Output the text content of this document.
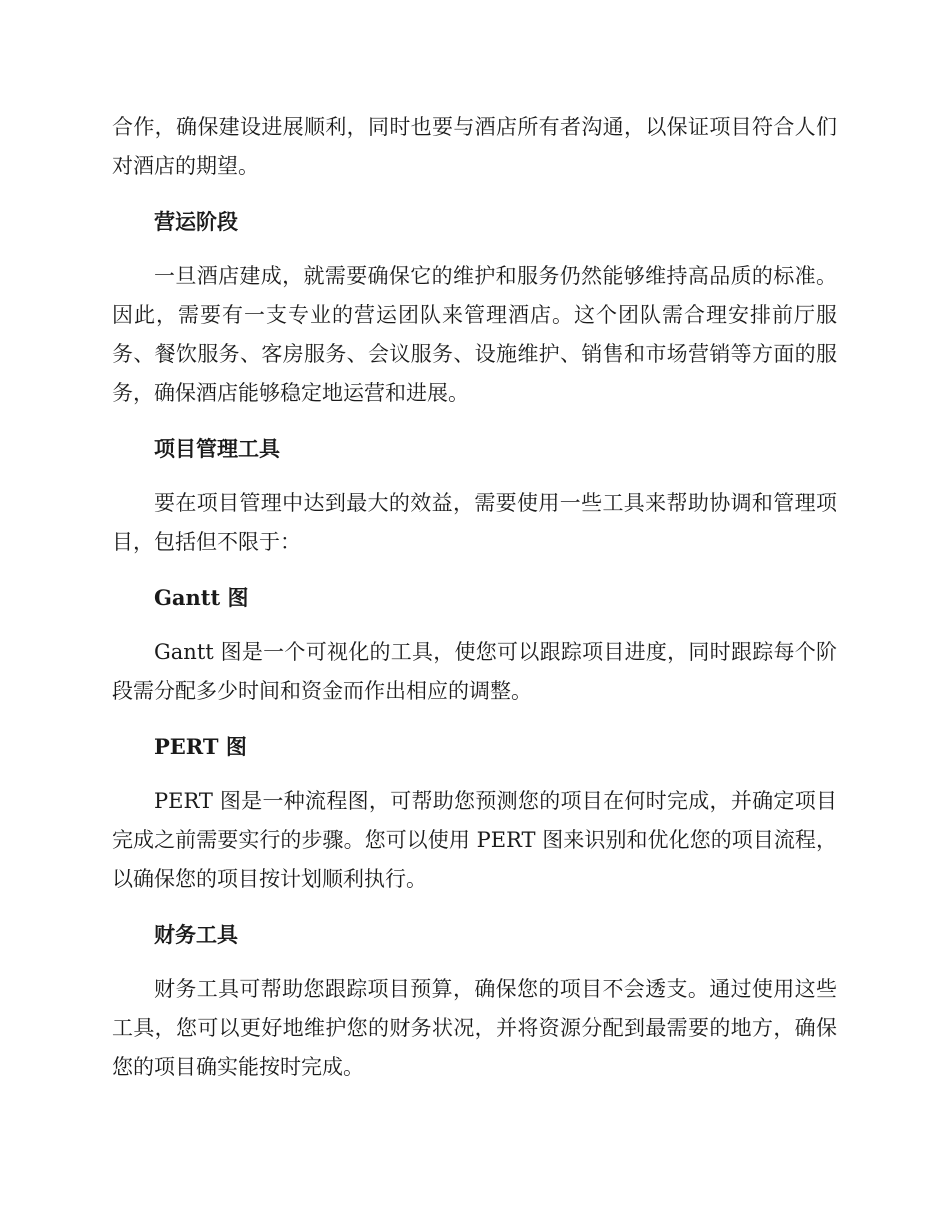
合作，确保建设进展顺利，同时也要与酒店所有者沟通，以保证项目符合人们对酒店的期望。

营运阶段

一旦酒店建成，就需要确保它的维护和服务仍然能够维持高品质的标准。因此，需要有一支专业的营运团队来管理酒店。这个团队需合理安排前厅服务、餐饮服务、客房服务、会议服务、设施维护、销售和市场营销等方面的服务，确保酒店能够稳定地运营和进展。

项目管理工具

要在项目管理中达到最大的效益，需要使用一些工具来帮助协调和管理项目，包括但不限于：

Gantt 图

Gantt 图是一个可视化的工具，使您可以跟踪项目进度，同时跟踪每个阶段需分配多少时间和资金而作出相应的调整。

PERT 图

PERT 图是一种流程图，可帮助您预测您的项目在何时完成，并确定项目完成之前需要实行的步骤。您可以使用 PERT 图来识别和优化您的项目流程，以确保您的项目按计划顺利执行。

财务工具

财务工具可帮助您跟踪项目预算，确保您的项目不会透支。通过使用这些工具，您可以更好地维护您的财务状况，并将资源分配到最需要的地方，确保您的项目确实能按时完成。
